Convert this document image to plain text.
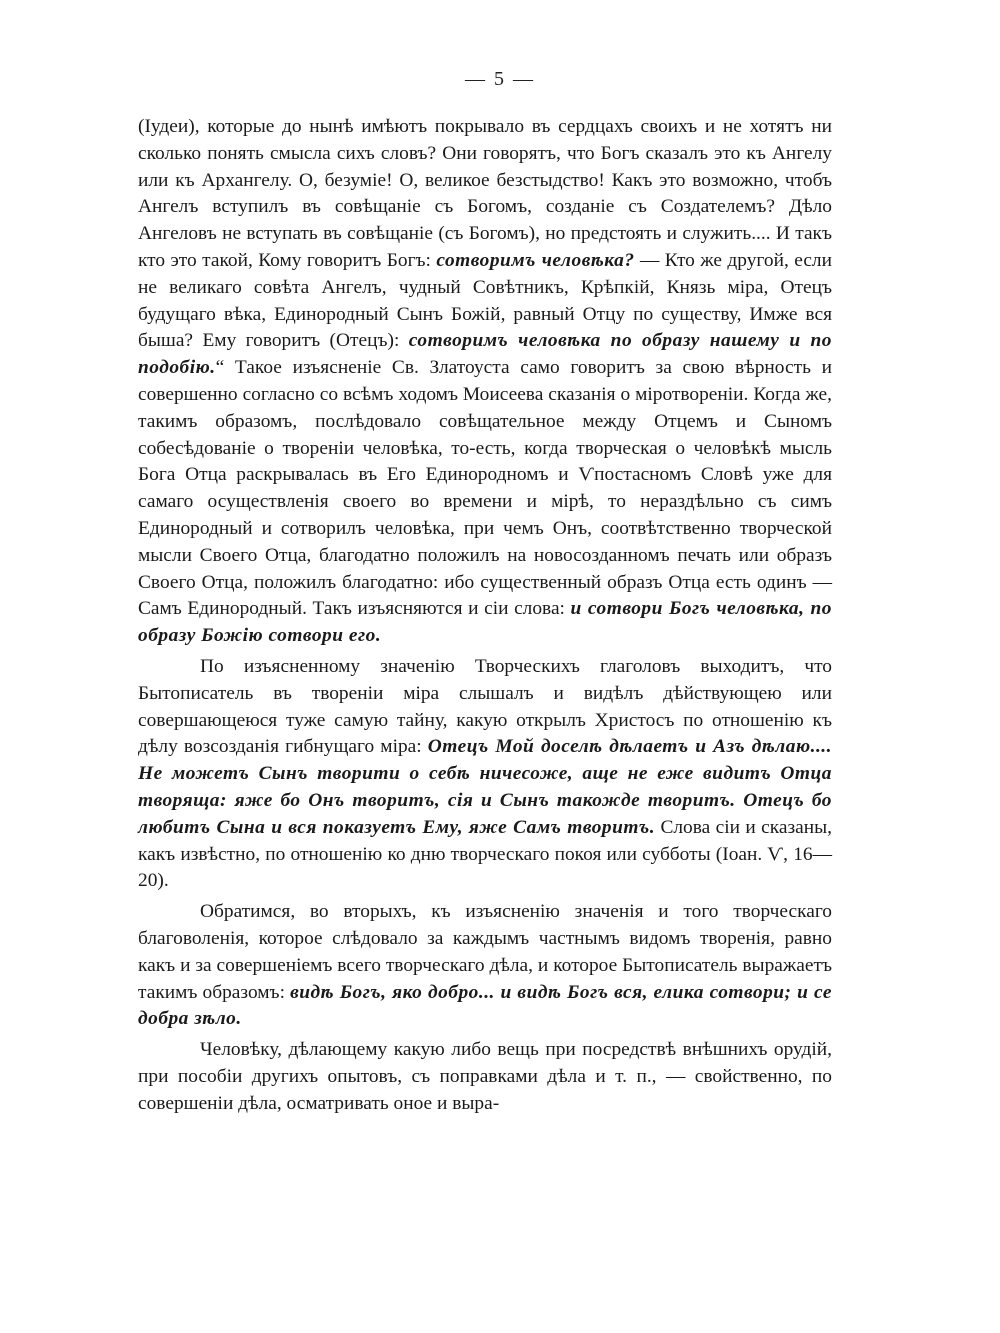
— 5 —

(Іудеи), которые до нынѣ имѣютъ покрывало въ сердцахъ своихъ и не хотятъ ни сколько понять смысла сихъ словъ? Они говорятъ, что Богъ сказалъ это къ Ангелу или къ Архангелу. О, безуміе! О, великое безстыдство! Какъ это возможно, чтобъ Ангелъ вступилъ въ совѣщаніе съ Богомъ, созданіе съ Создателемъ? Дѣло Ангеловъ не вступать въ совѣщаніе (съ Богомъ), но предстоять и служить.... И такъ кто это такой, Кому говоритъ Богъ: сотворимъ человѣка? — Кто же другой, если не великаго совѣта Ангелъ, чудный Совѣтникъ, Крѣпкій, Князь міра, Отецъ будущаго вѣка, Единородный Сынъ Божій, равный Отцу по существу, Имже вся быша? Ему говоритъ (Отецъ): сотворимъ человѣка по образу нашему и по подобію.“ Такое изъясненіе Св. Златоуста само говоритъ за свою вѣрность и совершенно согласно со всѣмъ ходомъ Моисеева сказанія о міротвореніи. Когда же, такимъ образомъ, послѣдовало совѣщательное между Отцемъ и Сыномъ собесѣдованіе о твореніи человѣка, то-есть, когда творческая о человѣкѣ мысль Бога Отца раскрывалась въ Его Единородномъ и Ѵпостасномъ Словѣ уже для самаго осуществленія своего во времени и мірѣ, то нераздѣльно съ симъ Единородный и сотворилъ человѣка, при чемъ Онъ, соотвѣтственно творческой мысли Своего Отца, благодатно положилъ на новосозданномъ печать или образъ Своего Отца, положилъ благодатно: ибо существенный образъ Отца есть одинъ — Самъ Единородный. Такъ изъясняются и сіи слова: и сотвори Богъ человѣка, по образу Божію сотвори его.

По изъясненному значенію Творческихъ глаголовъ выходитъ, что Бытописатель въ твореніи міра слышалъ и видѣлъ дѣйствующею или совершающеюся туже самую тайну, какую открылъ Христосъ по отношенію къ дѣлу возсозданія гибнущаго міра: Отецъ Мой доселѣ дѣлаетъ и Азъ дѣлаю.... Не можетъ Сынъ творити о себѣ ничесоже, аще не еже видитъ Отца творяща: яже бо Онъ творитъ, сія и Сынъ такожде творитъ. Отецъ бо любитъ Сына и вся показуетъ Ему, яже Самъ творитъ. Слова сіи и сказаны, какъ извѣстно, по отношенію ко дню творческаго покоя или субботы (Іоан. Ѵ, 16—20).

Обратимся, во вторыхъ, къ изъясненію значенія и того творческаго благоволенія, которое слѣдовало за каждымъ частнымъ видомъ творенія, равно какъ и за совершеніемъ всего творческаго дѣла, и которое Бытописатель выражаетъ такимъ образомъ: видѣ Богъ, яко добро... и видѣ Богъ вся, елика сотвори; и се добра зѣло.

Человѣку, дѣлающему какую либо вещь при посредствѣ внѣшнихъ орудій, при пособіи другихъ опытовъ, съ поправками дѣла и т. п., — свойственно, по совершеніи дѣла, осматривать оное и выра-
